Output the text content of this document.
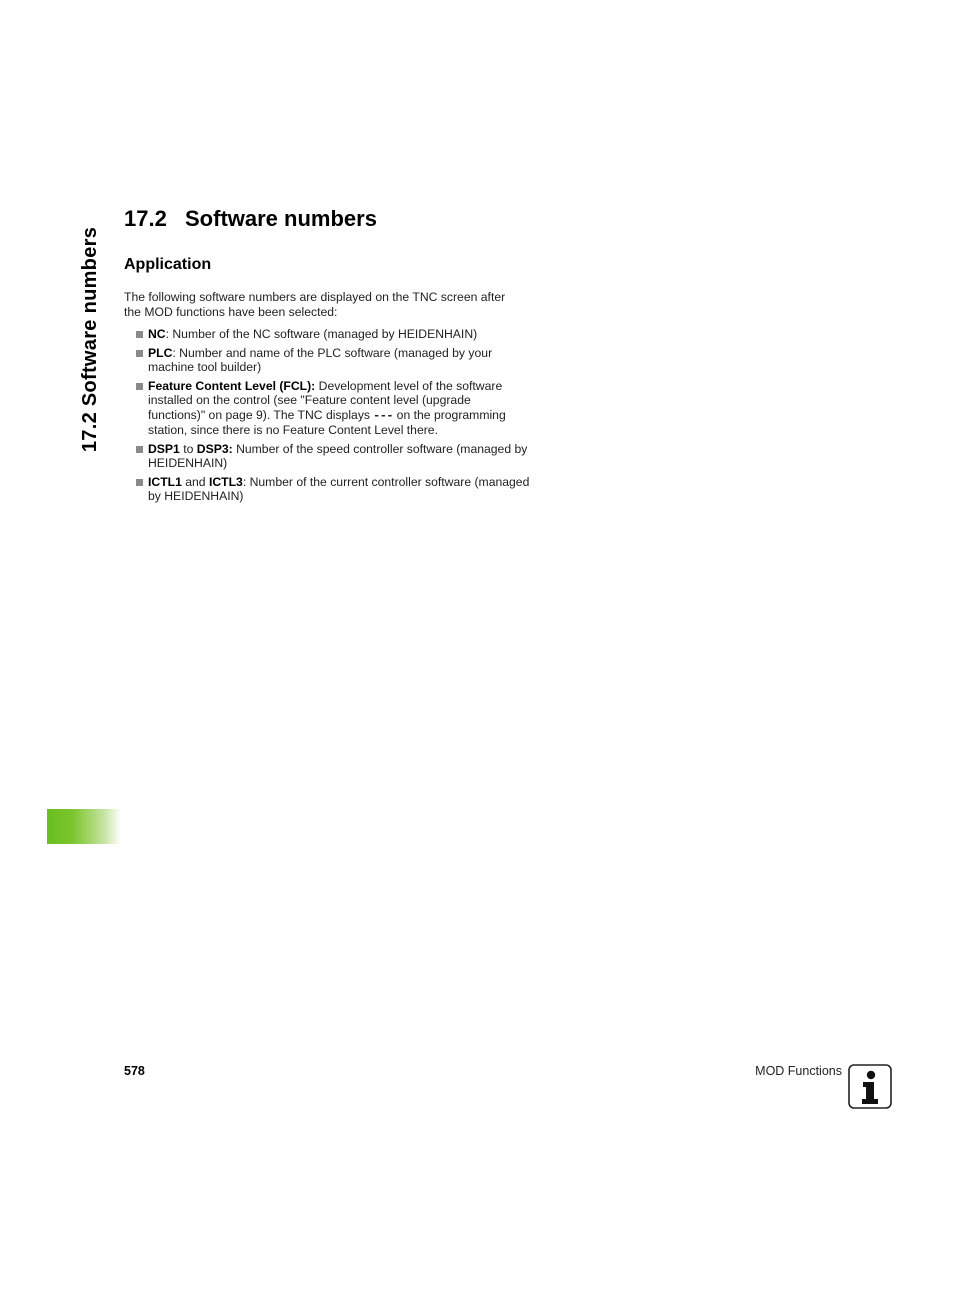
17.2 Software numbers
17.2 Software numbers
Application

The following software numbers are displayed on the TNC screen after the MOD functions have been selected:

NC: Number of the NC software (managed by HEIDENHAIN)
PLC: Number and name of the PLC software (managed by your machine tool builder)
Feature Content Level (FCL): Development level of the software installed on the control (see "Feature content level (upgrade functions)" on page 9). The TNC displays --- on the programming station, since there is no Feature Content Level there.
DSP1 to DSP3: Number of the speed controller software (managed by HEIDENHAIN)
ICTL1 and ICTL3: Number of the current controller software (managed by HEIDENHAIN)
578	MOD Functions
